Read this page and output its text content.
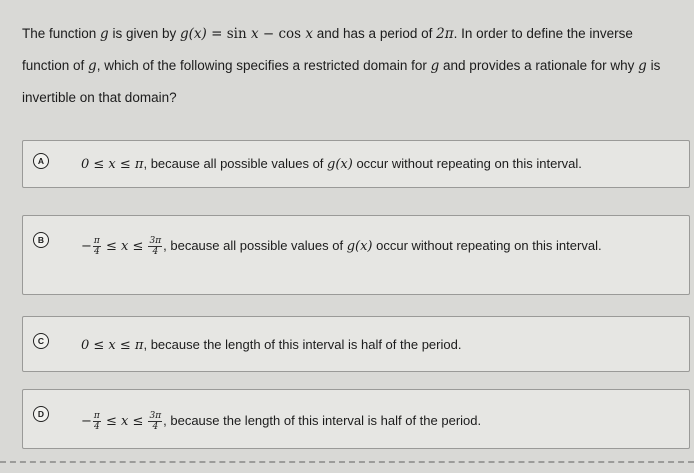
The function g is given by g(x) = sin x − cos x and has a period of 2π. In order to define the inverse function of g, which of the following specifies a restricted domain for g and provides a rationale for why g is invertible on that domain?
A	0 ≤ x ≤ π, because all possible values of g(x) occur without repeating on this interval.
B	− $\frac{\pi}{4} \le x \le \frac{3\pi}{4}$ , because all possible values of g(x) occur without repeating on this interval.
C	0 ≤ x ≤ π, because the length of this interval is half of the period.
D	− $\frac{\pi}{4} \le x \le \frac{3\pi}{4}$ , because the length of this interval is half of the period.
